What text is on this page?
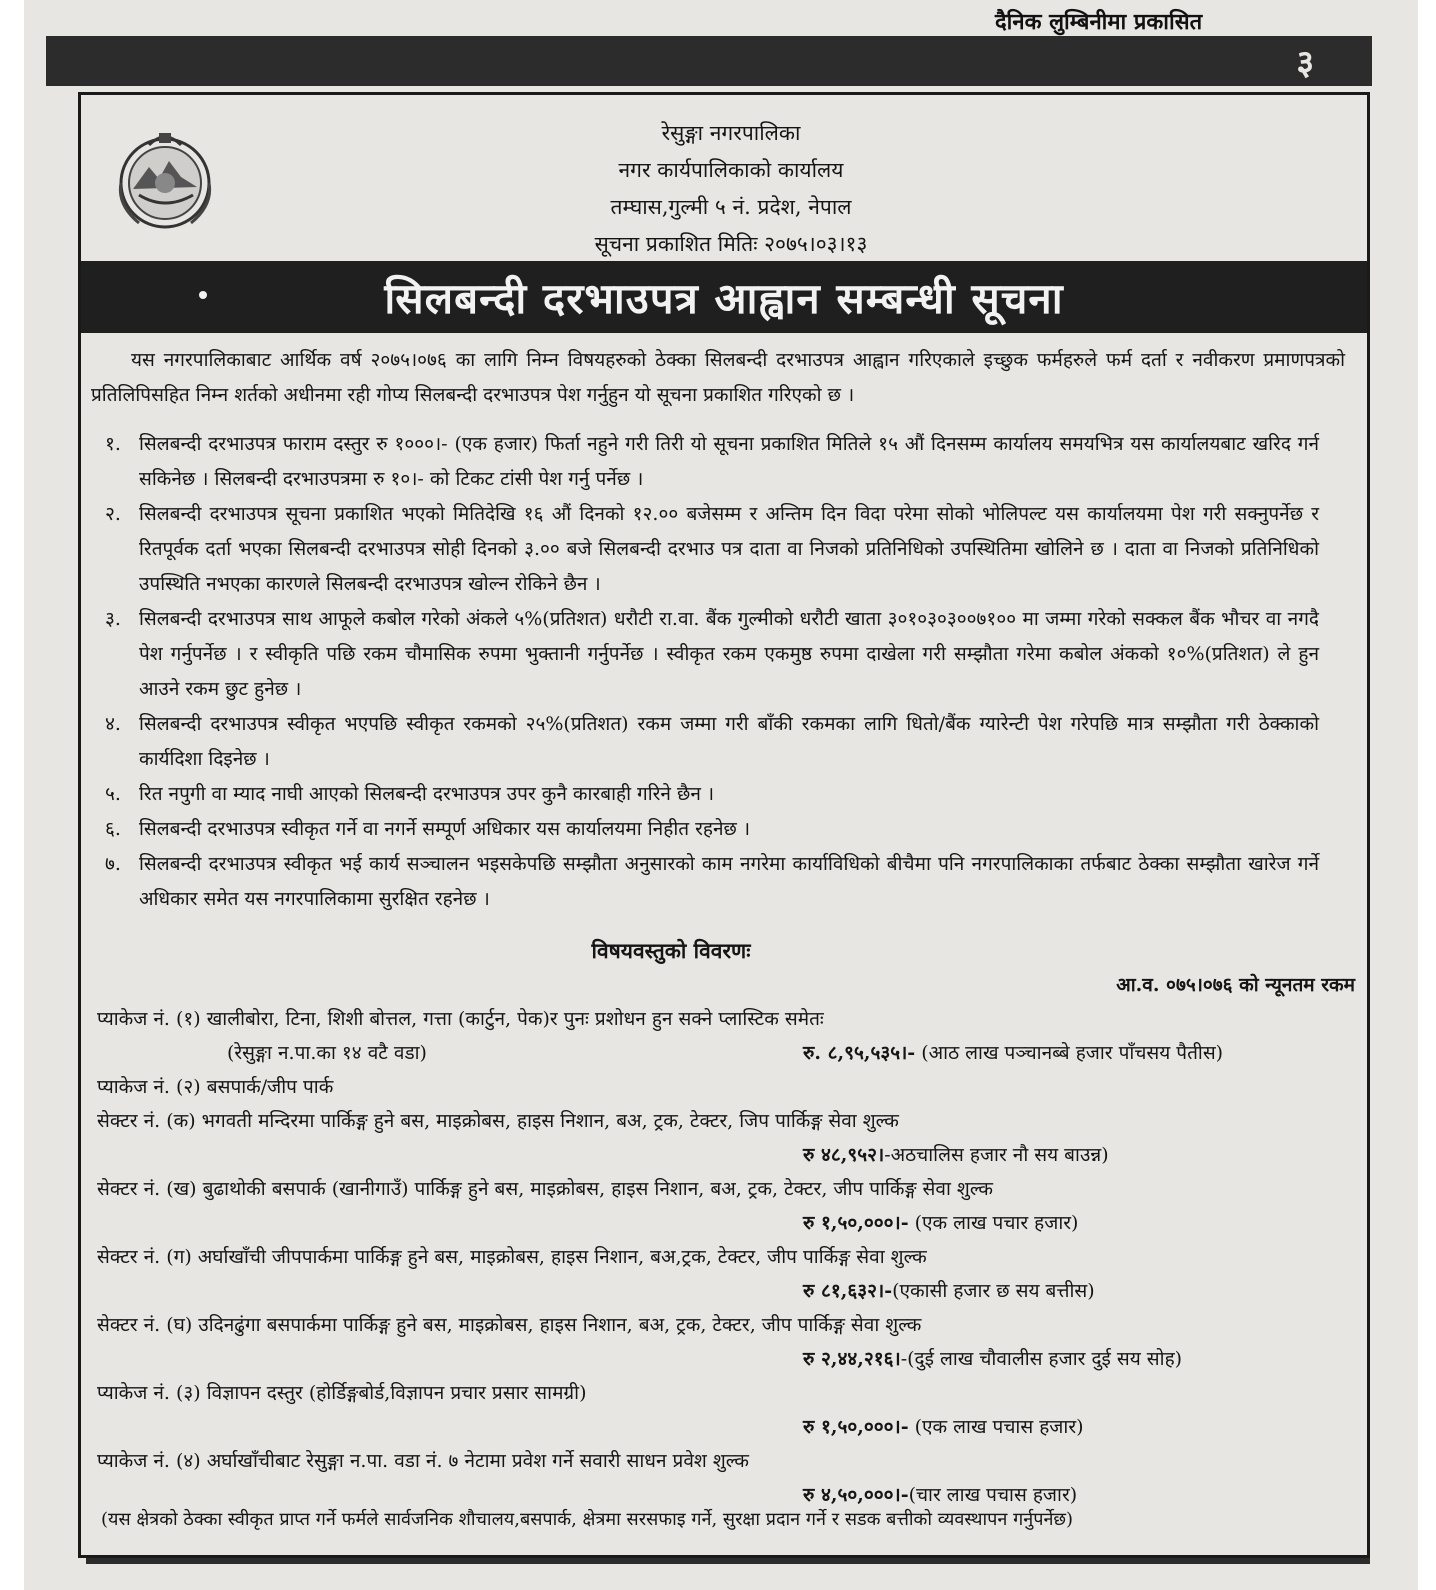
दैनिक लुम्बिनीमा प्रकासित
३
रेसुङ्गा नगरपालिका
नगर कार्यपालिकाको कार्यालय
तम्घास,गुल्मी ५ नं. प्रदेश, नेपाल
सूचना प्रकाशित मितिः २०७५।०३।१३
सिलबन्दी दरभाउपत्र आह्वान सम्बन्धी सूचना
यस नगरपालिकाबाट आर्थिक वर्ष २०७५।०७६ का लागि निम्न विषयहरुको ठेक्का सिलबन्दी दरभाउपत्र आह्वान गरिएकाले इच्छुक फर्महरुले फर्म दर्ता र नवीकरण प्रमाणपत्रको प्रतिलिपिसहित निम्न शर्तको अधीनमा रही गोप्य सिलबन्दी दरभाउपत्र पेश गर्नुहुन यो सूचना प्रकाशित गरिएको छ ।
१. सिलबन्दी दरभाउपत्र फाराम दस्तुर रु १०००।- (एक हजार) फिर्ता नहुने गरी तिरी यो सूचना प्रकाशित मितिले १५ औं दिनसम्म कार्यालय समयभित्र यस कार्यालयबाट खरिद गर्न सकिनेछ । सिलबन्दी दरभाउपत्रमा रु १०।- को टिकट टांसी पेश गर्नु पर्नेछ ।
२. सिलबन्दी दरभाउपत्र सूचना प्रकाशित भएको मितिदेखि १६ औं दिनको १२.०० बजेसम्म र अन्तिम दिन विदा परेमा सोको भोलिपल्ट यस कार्यालयमा पेश गरी सक्नुपर्नेछ र रितपूर्वक दर्ता भएका सिलबन्दी दरभाउपत्र सोही दिनको ३.०० बजे सिलबन्दी दरभाउ पत्र दाता वा निजको प्रतिनिधिको उपस्थितिमा खोलिने छ । दाता वा निजको प्रतिनिधिको उपस्थिति नभएका कारणले सिलबन्दी दरभाउपत्र खोल्न रोकिने छैन ।
३. सिलबन्दी दरभाउपत्र साथ आफूले कबोल गरेको अंकले ५%(प्रतिशत) धरौटी रा.वा. बैंक गुल्मीको धरौटी खाता ३०१०३०३००७१०० मा जम्मा गरेको सक्कल बैंक भौचर वा नगदै पेश गर्नुपर्नेछ । र स्वीकृति पछि रकम चौमासिक रुपमा भुक्तानी गर्नुपर्नेछ । स्वीकृत रकम एकमुष्ठ रुपमा दाखेला गरी सम्झौता गरेमा कबोल अंकको १०%(प्रतिशत) ले हुन आउने रकम छुट हुनेछ ।
४. सिलबन्दी दरभाउपत्र स्वीकृत भएपछि स्वीकृत रकमको २५%(प्रतिशत) रकम जम्मा गरी बाँकी रकमका लागि धितो/बैंक ग्यारेन्टी पेश गरेपछि मात्र सम्झौता गरी ठेक्काको कार्यदिशा दिइनेछ ।
५. रित नपुगी वा म्याद नाघी आएको सिलबन्दी दरभाउपत्र उपर कुनै कारबाही गरिने छैन ।
६. सिलबन्दी दरभाउपत्र स्वीकृत गर्ने वा नगर्ने सम्पूर्ण अधिकार यस कार्यालयमा निहीत रहनेछ ।
७. सिलबन्दी दरभाउपत्र स्वीकृत भई कार्य सञ्चालन भइसकेपछि सम्झौता अनुसारको काम नगरेमा कार्याविधिको बीचैमा पनि नगरपालिकाका तर्फबाट ठेक्का सम्झौता खारेज गर्ने अधिकार समेत यस नगरपालिकामा सुरक्षित रहनेछ ।
विषयवस्तुको विवरणः
आ.व. ०७५।०७६ को न्यूनतम रकम
प्याकेज नं. (१) खालीबोरा, टिना, शिशी बोत्तल, गत्ता (कार्टुन, पेक)र पुनः प्रशोधन हुन सक्ने प्लास्टिक समेतः
(रेसुङ्गा न.पा.का १४ वटै वडा)	रु. ८,९५,५३५।- (आठ लाख पञ्चानब्बे हजार पाँचसय पैतीस)
प्याकेज नं. (२) बसपार्क/जीप पार्क
सेक्टर नं. (क) भगवती मन्दिरमा पार्किङ्ग हुने बस, माइक्रोबस, हाइस निशान, बअ, ट्रक, टेक्टर, जिप पार्किङ्ग सेवा शुल्क
रु ४८,९५२।-अठचालिस हजार नौ सय बाउन्न)
सेक्टर नं. (ख) बुढाथोकी बसपार्क (खानीगाउँ) पार्किङ्ग हुने बस, माइक्रोबस, हाइस निशान, बअ, ट्रक, टेक्टर, जीप पार्किङ्ग सेवा शुल्क
रु १,५०,०००।- (एक लाख पचार हजार)
सेक्टर नं. (ग) अर्घाखाँची जीपपार्कमा पार्किङ्ग हुने बस, माइक्रोबस, हाइस निशान, बअ,ट्रक, टेक्टर, जीप पार्किङ्ग सेवा शुल्क
रु ८१,६३२।-(एकासी हजार छ सय बत्तीस)
सेक्टर नं. (घ) उदिनढुंगा बसपार्कमा पार्किङ्ग हुने बस, माइक्रोबस, हाइस निशान, बअ, ट्रक, टेक्टर, जीप पार्किङ्ग सेवा शुल्क
रु २,४४,२१६।-(दुई लाख चौवालीस हजार दुई सय सोह)
प्याकेज नं. (३) विज्ञापन दस्तुर (होर्डिङ्गबोर्ड,विज्ञापन प्रचार प्रसार सामग्री)
रु १,५०,०००।- (एक लाख पचास हजार)
प्याकेज नं. (४) अर्घाखाँचीबाट रेसुङ्गा न.पा. वडा नं. ७ नेटामा प्रवेश गर्ने सवारी साधन प्रवेश शुल्क
रु ४,५०,०००।-(चार लाख पचास हजार)
(यस क्षेत्रको ठेक्का स्वीकृत प्राप्त गर्ने फर्मले सार्वजनिक शौचालय,बसपार्क, क्षेत्रमा सरसफाइ गर्ने, सुरक्षा प्रदान गर्ने र सडक बत्तीको व्यवस्थापन गर्नुपर्नेछ)
